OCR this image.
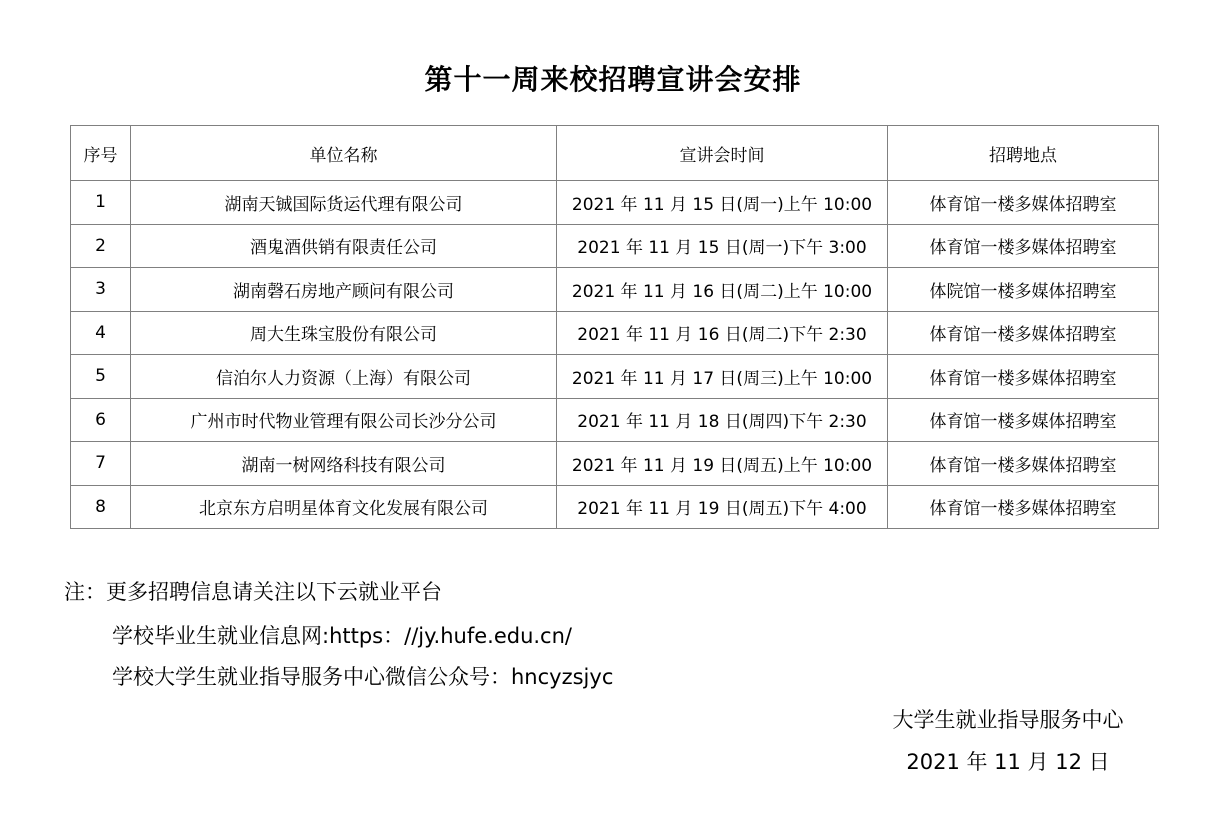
第十一周来校招聘宣讲会安排
序号	单位名称	宣讲会时间	招聘地点
1	湖南天铖国际货运代理有限公司	2021 年 11 月 15 日(周一)上午 10:00	体育馆一楼多媒体招聘室
2	酒鬼酒供销有限责任公司	2021 年 11 月 15 日(周一)下午 3:00	体育馆一楼多媒体招聘室
3	湖南磬石房地产顾问有限公司	2021 年 11 月 16 日(周二)上午 10:00	体院馆一楼多媒体招聘室
4	周大生珠宝股份有限公司	2021 年 11 月 16 日(周二)下午 2:30	体育馆一楼多媒体招聘室
5	信泊尔人力资源（上海）有限公司	2021 年 11 月 17 日(周三)上午 10:00	体育馆一楼多媒体招聘室
6	广州市时代物业管理有限公司长沙分公司	2021 年 11 月 18 日(周四)下午 2:30	体育馆一楼多媒体招聘室
7	湖南一树网络科技有限公司	2021 年 11 月 19 日(周五)上午 10:00	体育馆一楼多媒体招聘室
8	北京东方启明星体育文化发展有限公司	2021 年 11 月 19 日(周五)下午 4:00	体育馆一楼多媒体招聘室
注：更多招聘信息请关注以下云就业平台
学校毕业生就业信息网:https：//jy.hufe.edu.cn/
学校大学生就业指导服务中心微信公众号：hncyzsjyc
大学生就业指导服务中心
2021 年 11 月 12 日
